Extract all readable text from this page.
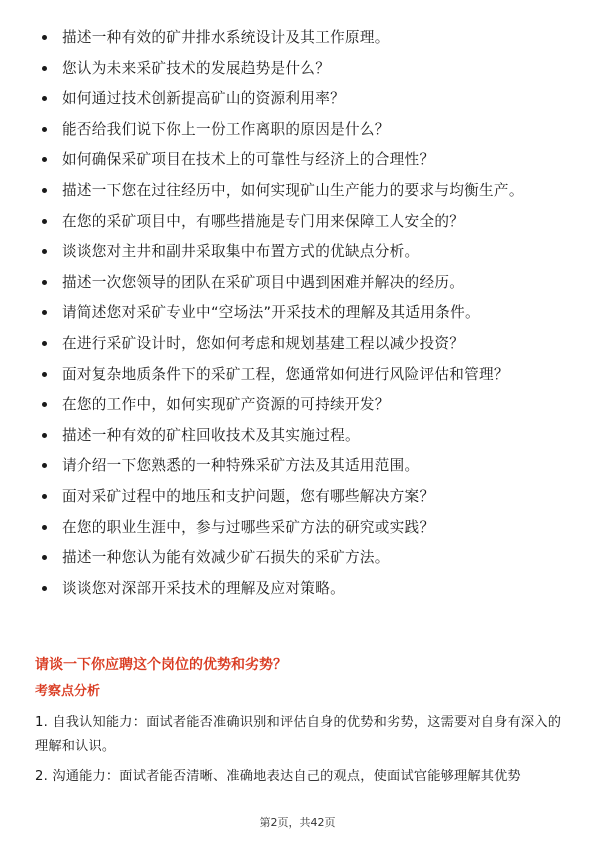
描述一种有效的矿井排水系统设计及其工作原理。
您认为未来采矿技术的发展趋势是什么？
如何通过技术创新提高矿山的资源利用率？
能否给我们说下你上一份工作离职的原因是什么？
如何确保采矿项目在技术上的可靠性与经济上的合理性？
描述一下您在过往经历中，如何实现矿山生产能力的要求与均衡生产。
在您的采矿项目中，有哪些措施是专门用来保障工人安全的？
谈谈您对主井和副井采取集中布置方式的优缺点分析。
描述一次您领导的团队在采矿项目中遇到困难并解决的经历。
请简述您对采矿专业中“空场法”开采技术的理解及其适用条件。
在进行采矿设计时，您如何考虑和规划基建工程以减少投资？
面对复杂地质条件下的采矿工程，您通常如何进行风险评估和管理？
在您的工作中，如何实现矿产资源的可持续开发？
描述一种有效的矿柱回收技术及其实施过程。
请介绍一下您熟悉的一种特殊采矿方法及其适用范围。
面对采矿过程中的地压和支护问题，您有哪些解决方案？
在您的职业生涯中，参与过哪些采矿方法的研究或实践？
描述一种您认为能有效减少矿石损失的采矿方法。
谈谈您对深部开采技术的理解及应对策略。
请谈一下你应聘这个岗位的优势和劣势？
考察点分析
1. 自我认知能力：面试者能否准确识别和评估自身的优势和劣势，这需要对自身有深入的理解和认识。
2. 沟通能力：面试者能否清晰、准确地表达自己的观点，使面试官能够理解其优势
第2页，共42页
